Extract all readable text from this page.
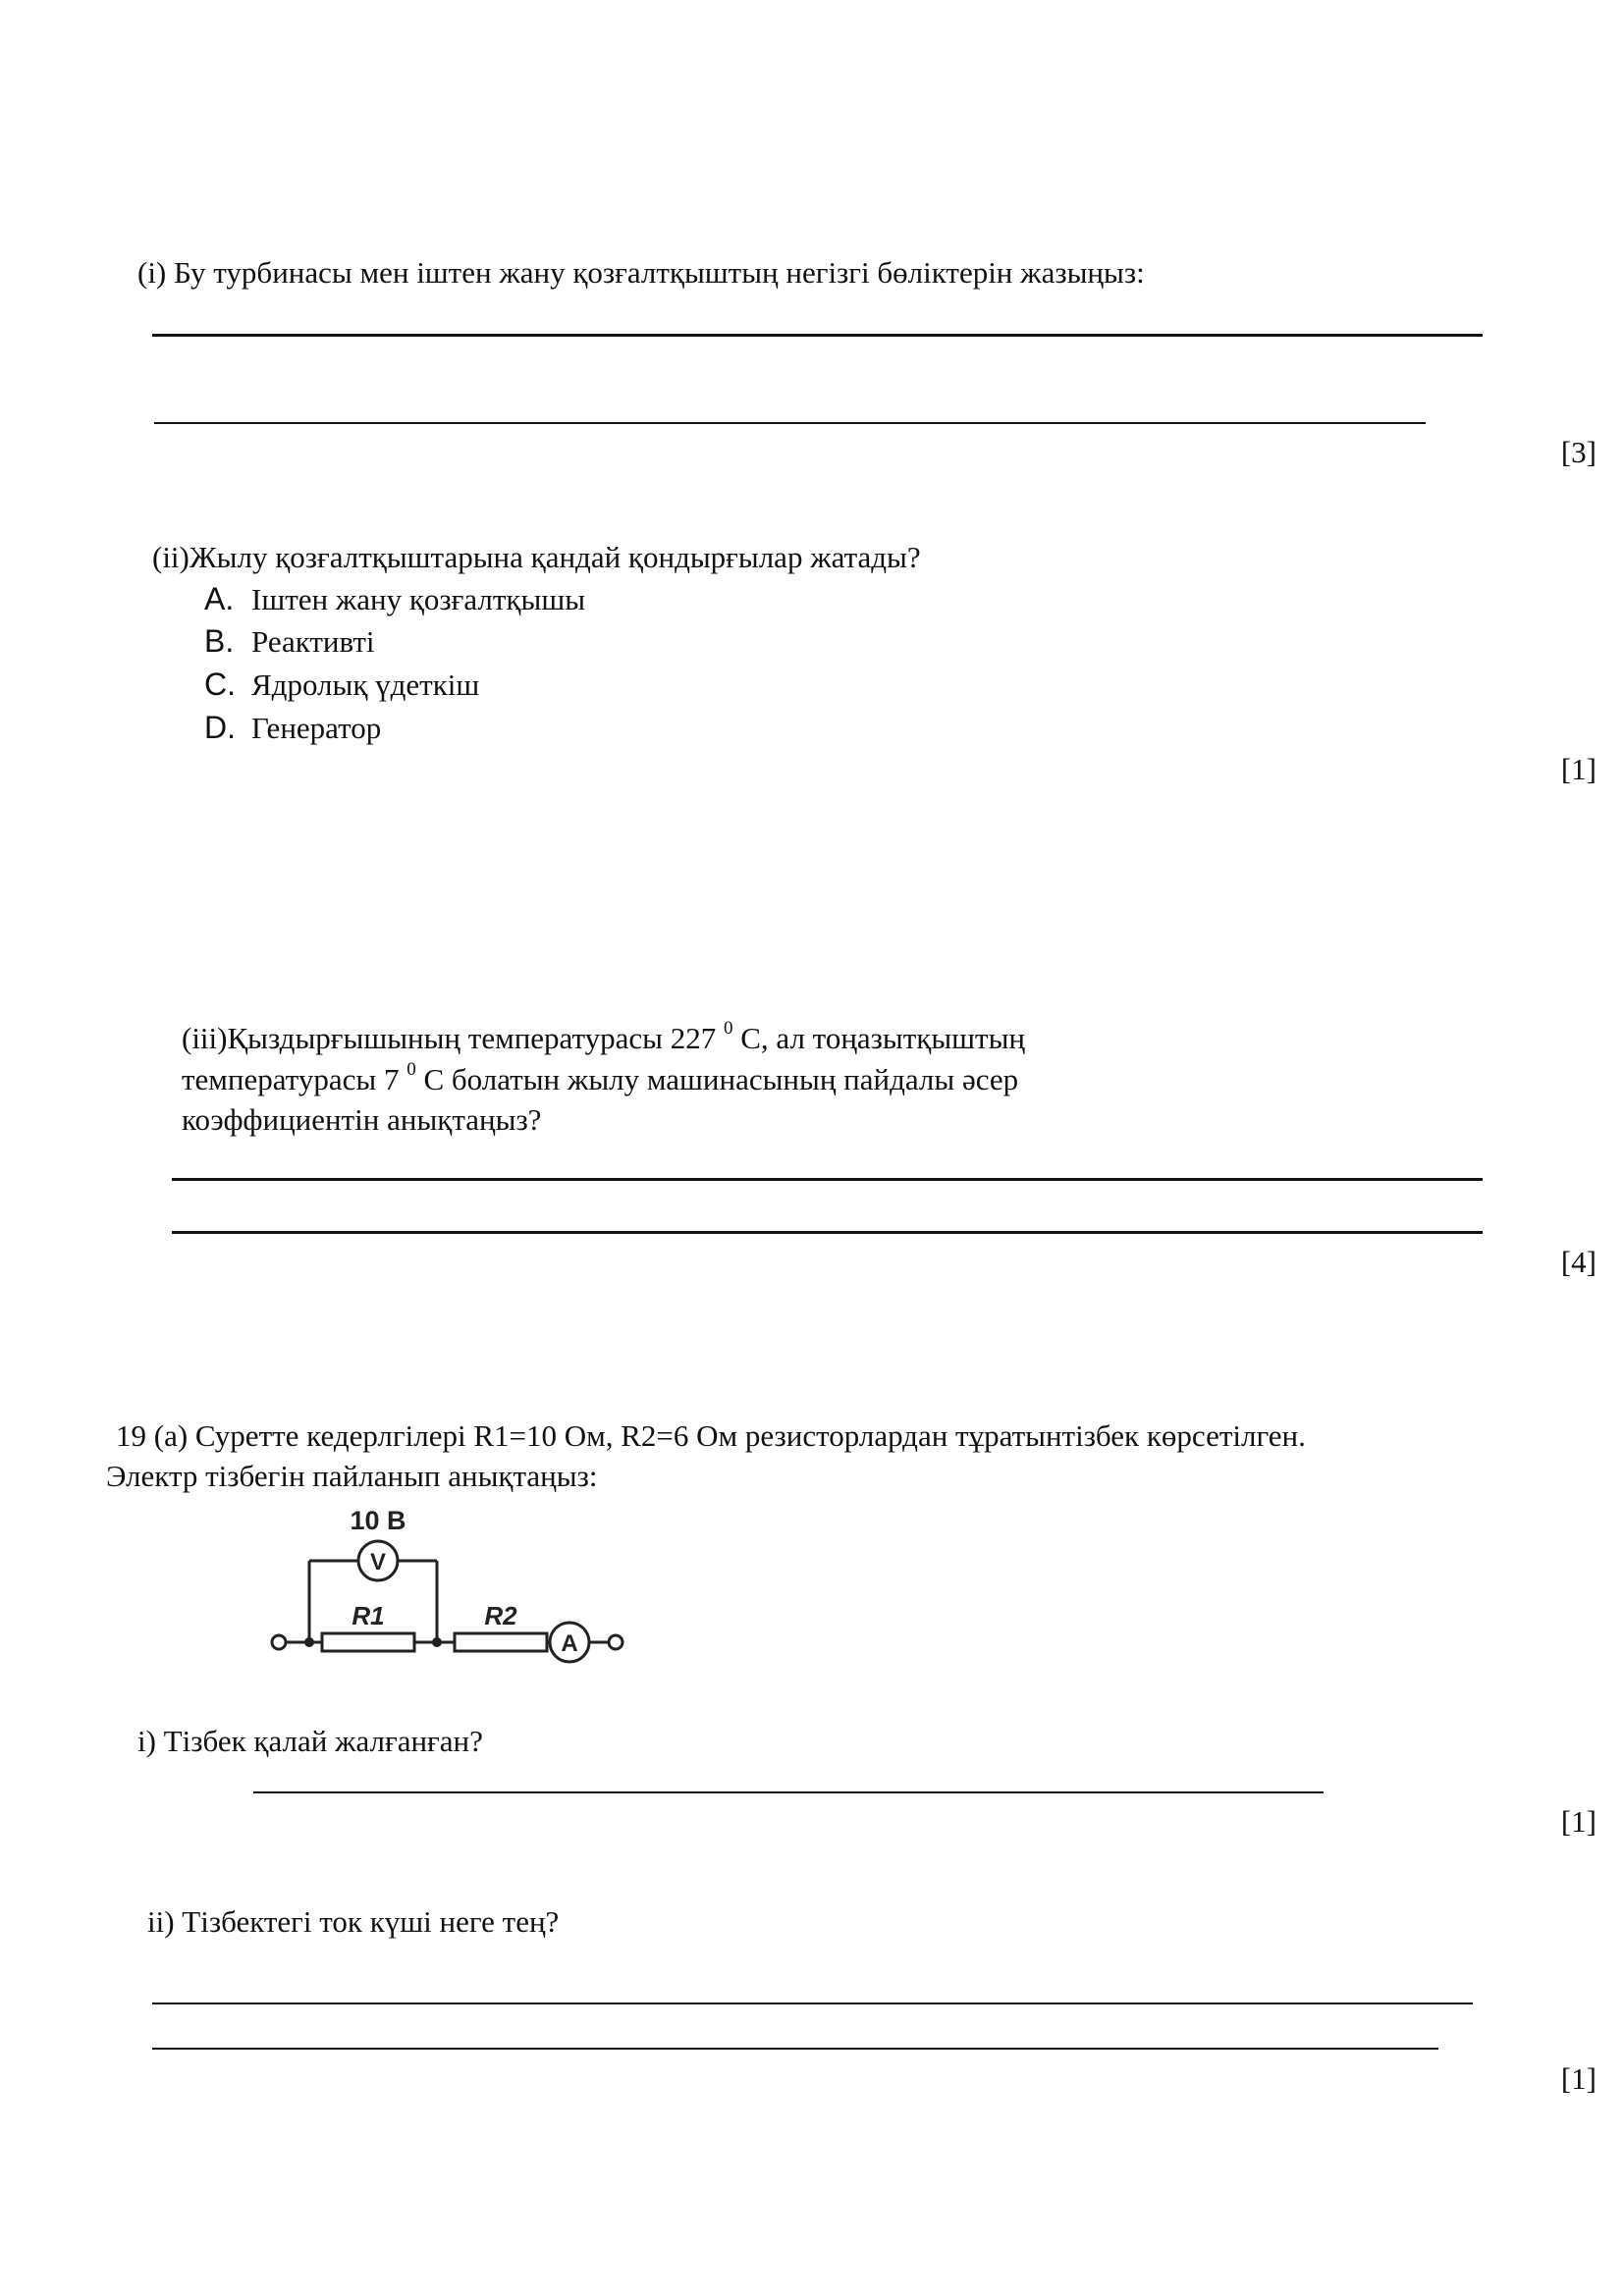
(i) Бу турбинасы мен іштен жану қозғалтқыштың негізгі бөліктерін жазыңыз:
[3]
(ii)Жылу қозғалтқыштарына қандай қондырғылар жатады?
A. Іштен жану қозғалтқышы
B. Реактивті
C. Ядролық үдеткіш
D. Генератор
[1]
(iii)Қыздырғышының температурасы 227 $^0$ С, ал тоңазытқыштың
температурасы 7 $^0$ С болатын жылу машинасының пайдалы әсер
коэффициентін анықтаңыз?
[4]
19 (а) Суретте кедерлгілері R1=10 Ом, R2=6 Ом резисторлардан тұратынтізбек көрсетілген.
Электр тізбегін пайланып анықтаңыз:
V
A
10 В
R1	R2
i) Тізбек қалай жалғанған?
[1]
ii) Тізбектегі ток күші неге тең?
[1]
